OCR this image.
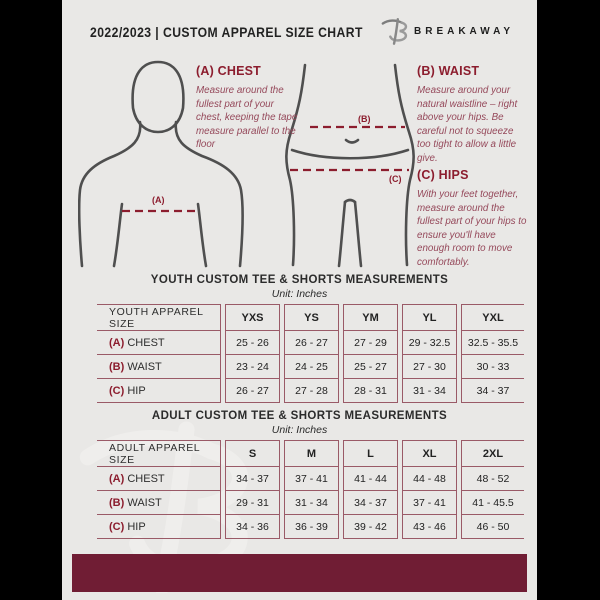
2022/2023 | CUSTOM APPAREL SIZE CHART	BREAKAWAY
(A)
(B)
(C)
(A) CHEST
Measure around the fullest part of your chest, keeping the tape measure parallel to the floor
(B) WAIST
Measure around your natural waistline – right above your hips. Be careful not to squeeze too tight to allow a little give.
(C) HIPS
With your feet together, measure around the fullest part of your hips to ensure you'll have enough room to move comfortably.
YOUTH CUSTOM TEE & SHORTS MEASUREMENTS
Unit: Inches
YOUTH APPAREL SIZE	YXS	YS	YM	YL	YXL
(A) CHEST	25 - 26	26 - 27	27 - 29	29 - 32.5	32.5 - 35.5
(B) WAIST	23 - 24	24 - 25	25 - 27	27 - 30	30 - 33
(C) HIP	26 - 27	27 - 28	28 - 31	31 - 34	34 - 37
ADULT CUSTOM TEE & SHORTS MEASUREMENTS
Unit: Inches
ADULT APPAREL SIZE	S	M	L	XL	2XL
(A) CHEST	34 - 37	37 - 41	41 - 44	44 - 48	48 - 52
(B) WAIST	29 - 31	31 - 34	34 - 37	37 - 41	41 - 45.5
(C) HIP	34 - 36	36 - 39	39 - 42	43 - 46	46 - 50
